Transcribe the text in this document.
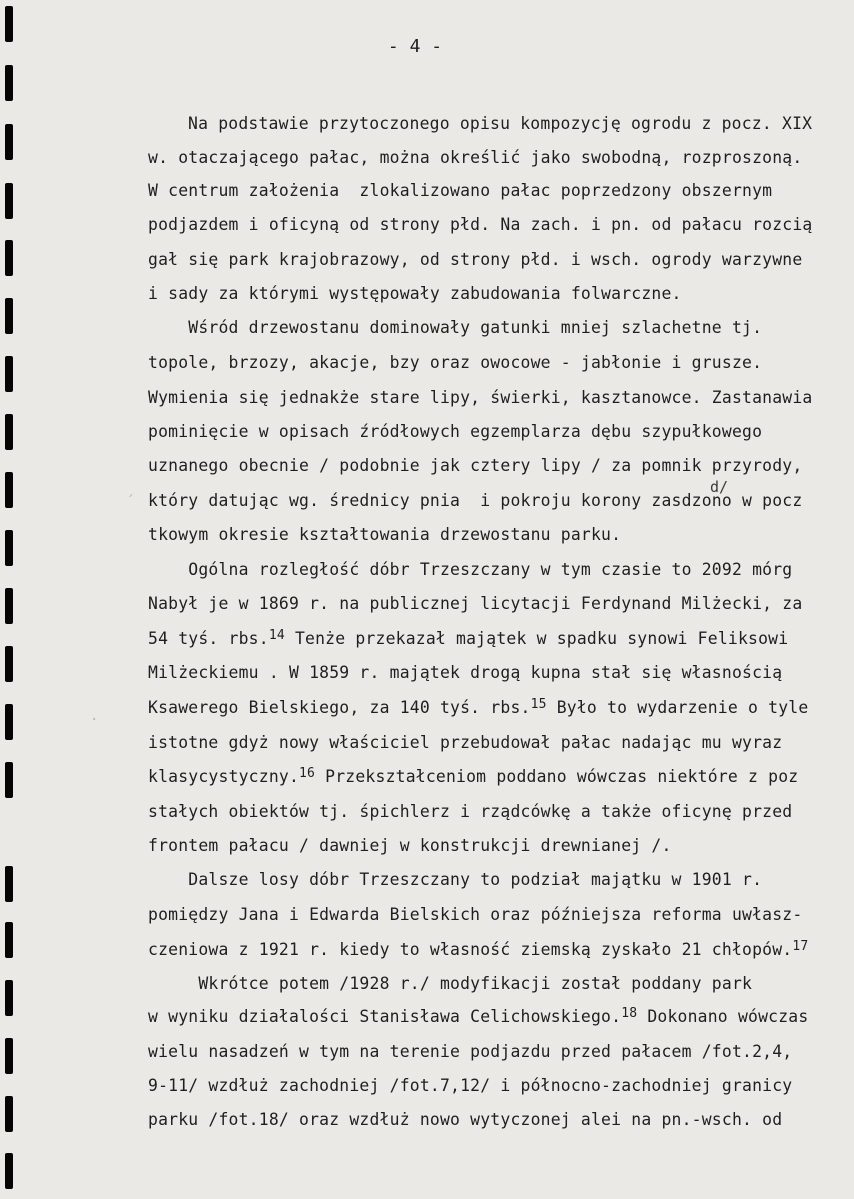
- 4 -
Na podstawie przytoczonego opisu kompozycję ogrodu z pocz. XIX
w. otaczającego pałac, można określić jako swobodną, rozproszoną.
W centrum założenia  zlokalizowano pałac poprzedzony obszernym
podjazdem i oficyną od strony płd. Na zach. i pn. od pałacu rozcią
gał się park krajobrazowy, od strony płd. i wsch. ogrody warzywne
i sady za którymi występowały zabudowania folwarczne.
Wśród drzewostanu dominowały gatunki mniej szlachetne tj.
topole, brzozy, akacje, bzy oraz owocowe - jabłonie i grusze.
Wymienia się jednakże stare lipy, świerki, kasztanowce. Zastanawia
pominięcie w opisach źródłowych egzemplarza dębu szypułkowego
uznanego obecnie / podobnie jak cztery lipy / za pomnik przyrody,
który datując wg. średnicy pnia  i pokroju korony zasdzono w pocz
tkowym okresie kształtowania drzewostanu parku.
Ogólna rozległość dóbr Trzeszczany w tym czasie to 2092 mórg
Nabył je w 1869 r. na publicznej licytacji Ferdynand Milżecki, za
54 tyś. rbs.$^{14}$ Tenże przekazał majątek w spadku synowi Feliksowi
Milżeckiemu . W 1859 r. majątek drogą kupna stał się własnością
Ksawerego Bielskiego, za 140 tyś. rbs.$^{15}$ Było to wydarzenie o tyle
istotne gdyż nowy właściciel przebudował pałac nadając mu wyraz
klasycystyczny.$^{16}$ Przekształceniom poddano wówczas niektóre z poz
stałych obiektów tj. śpichlerz i rządcówkę a także oficynę przed
frontem pałacu / dawniej w konstrukcji drewnianej /.
Dalsze losy dóbr Trzeszczany to podział majątku w 1901 r.
pomiędzy Jana i Edwarda Bielskich oraz późniejsza reforma uwłasz-
czeniowa z 1921 r. kiedy to własność ziemską zyskało 21 chłopów.$^{17}$
Wkrótce potem /1928 r./ modyfikacji został poddany park
w wyniku działalości Stanisława Celichowskiego.$^{18}$ Dokonano wówczas
wielu nasadzeń w tym na terenie podjazdu przed pałacem /fot.2,4,
9-11/ wzdłuż zachodniej /fot.7,12/ i północno-zachodniej granicy
parku /fot.18/ oraz wzdłuż nowo wytyczonej alei na pn.-wsch. od
d/
´
·
